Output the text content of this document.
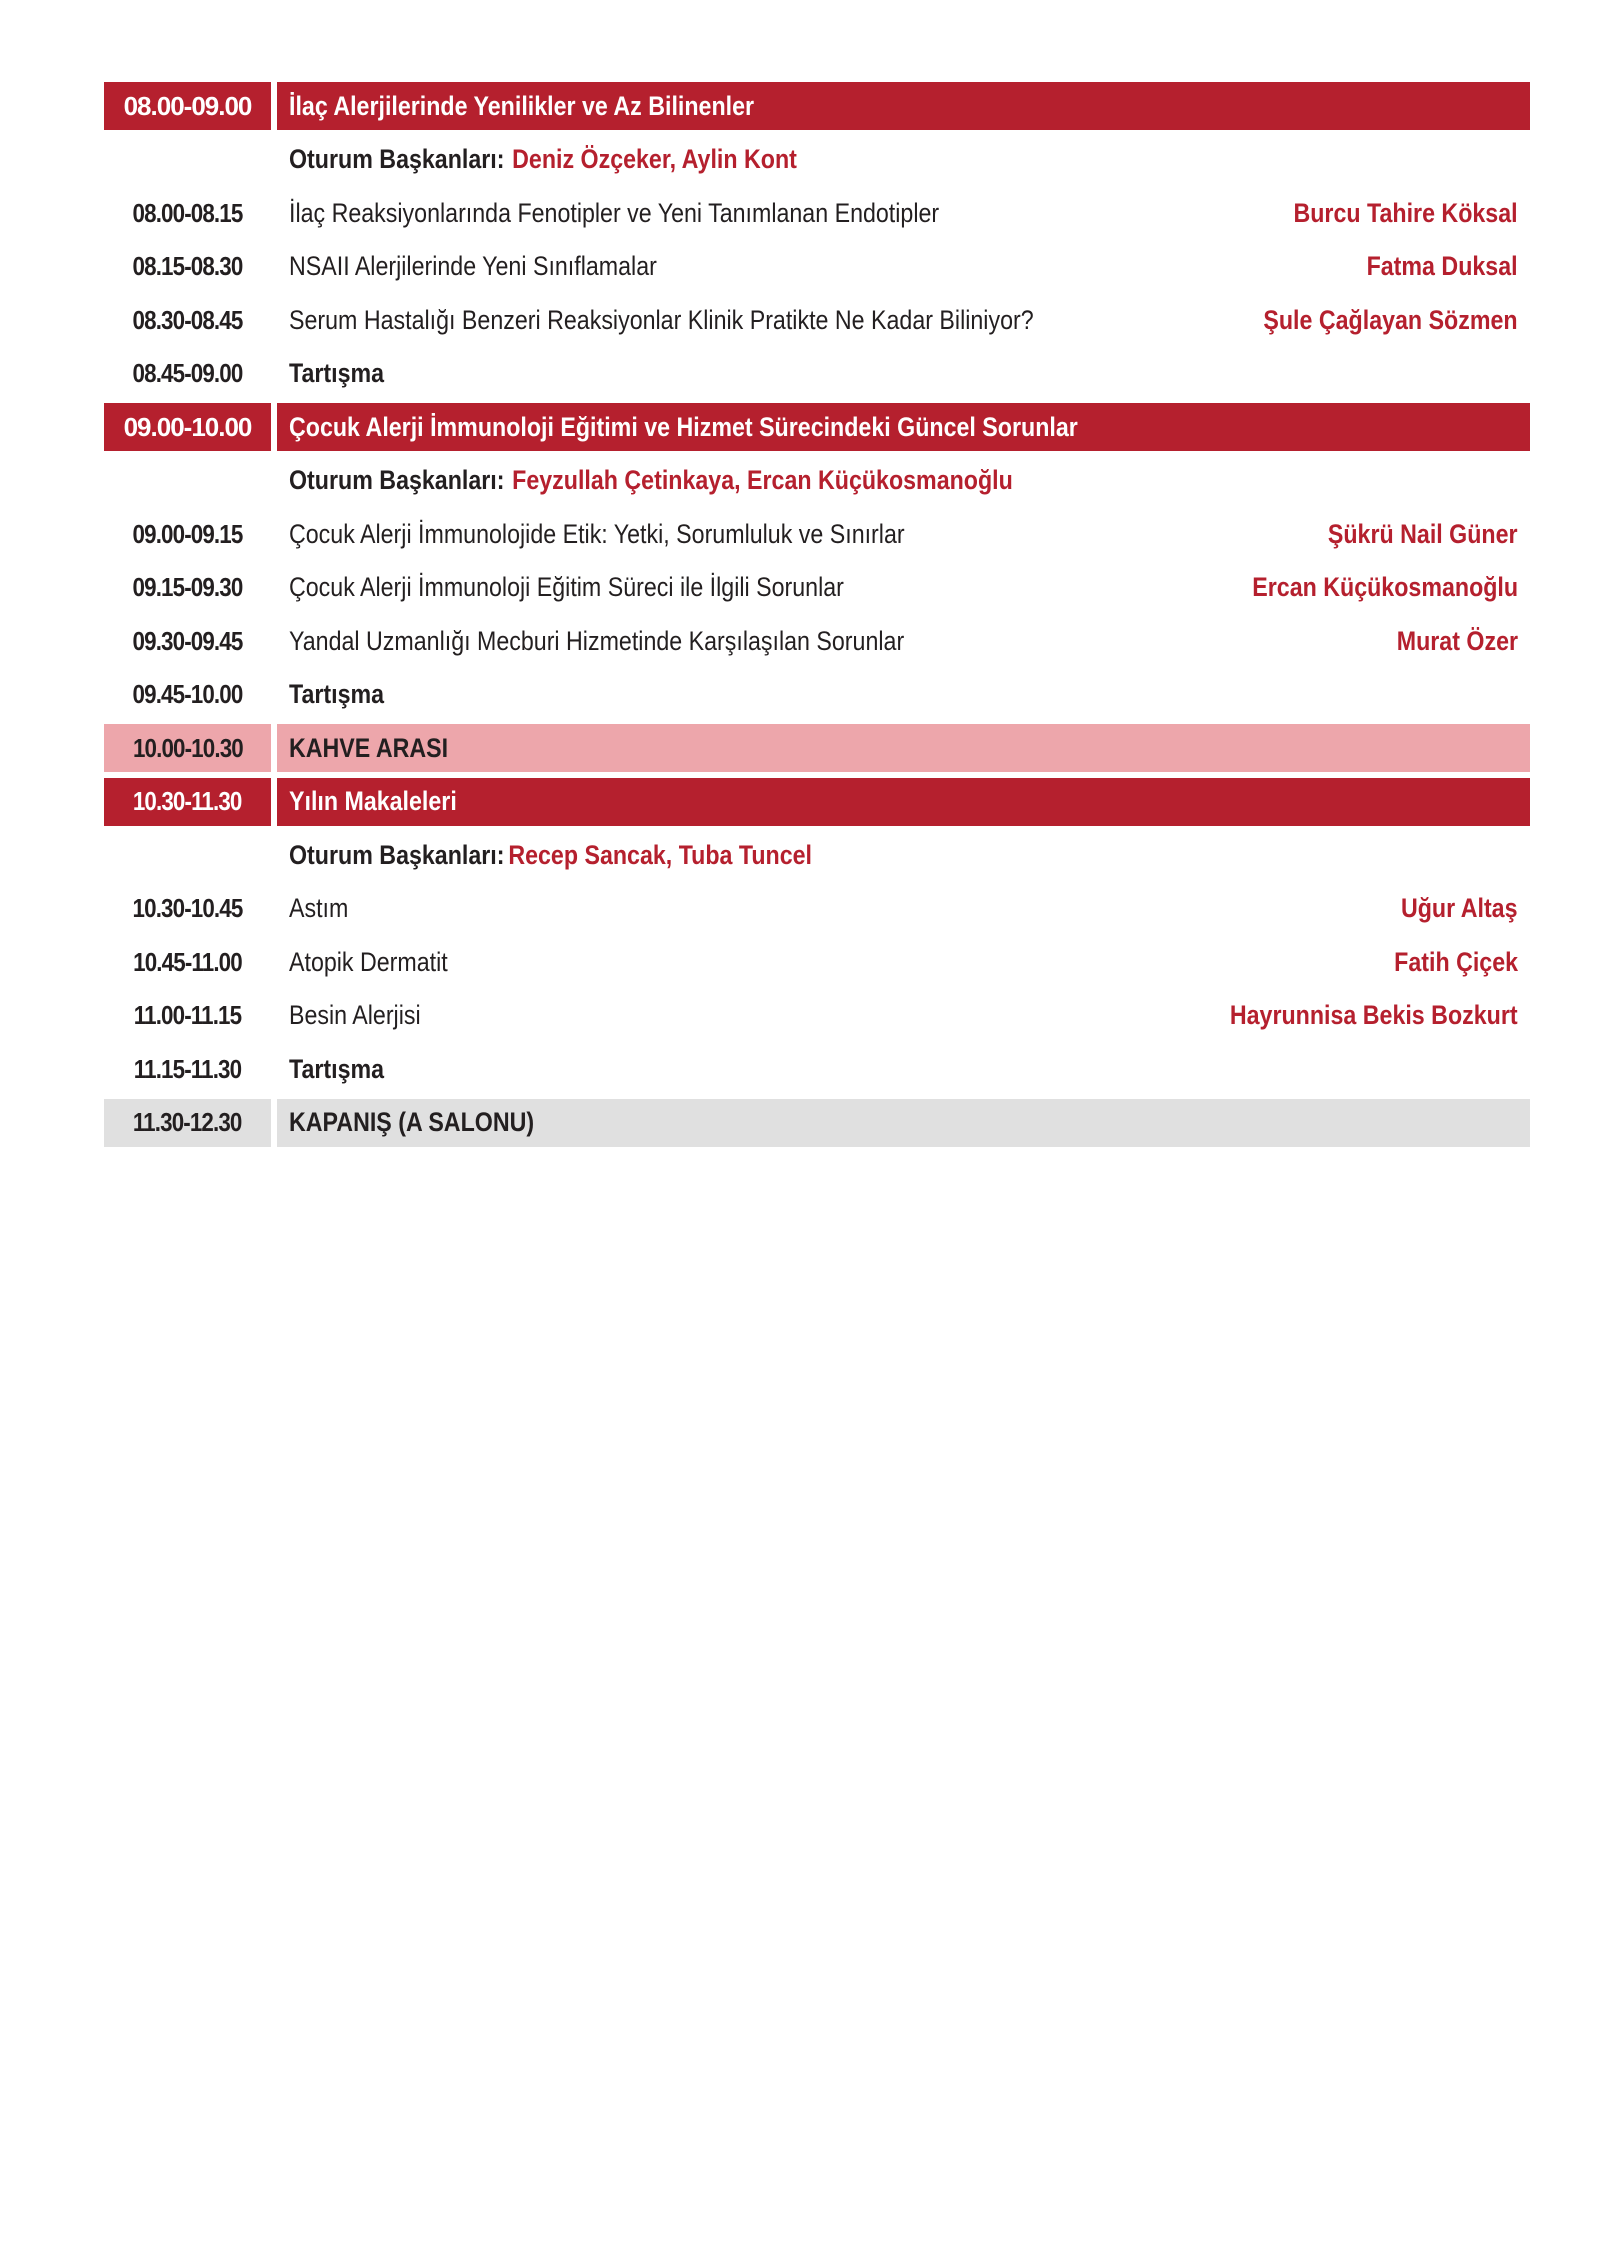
08.00-09.00 İlaç Alerjilerinde Yenilikler ve Az Bilinenler
Oturum Başkanları: Deniz Özçeker, Aylin Kont
08.00-08.15	İlaç Reaksiyonlarında Fenotipler ve Yeni Tanımlanan Endotipler	Burcu Tahire Köksal
08.15-08.30	NSAII Alerjilerinde Yeni Sınıflamalar	Fatma Duksal
08.30-08.45	Serum Hastalığı Benzeri Reaksiyonlar Klinik Pratikte Ne Kadar Biliniyor?	Şule Çağlayan Sözmen
08.45-09.00	Tartışma
09.00-10.00 Çocuk Alerji İmmunoloji Eğitimi ve Hizmet Sürecindeki Güncel Sorunlar
Oturum Başkanları: Feyzullah Çetinkaya, Ercan Küçükosmanoğlu
09.00-09.15	Çocuk Alerji İmmunolojide Etik: Yetki, Sorumluluk ve Sınırlar	Şükrü Nail Güner
09.15-09.30	Çocuk Alerji İmmunoloji Eğitim Süreci ile İlgili Sorunlar	Ercan Küçükosmanoğlu
09.30-09.45	Yandal Uzmanlığı Mecburi Hizmetinde Karşılaşılan Sorunlar	Murat Özer
09.45-10.00	Tartışma
10.00-10.30 KAHVE ARASI
10.30-11.30 Yılın Makaleleri
Oturum Başkanları: Recep Sancak, Tuba Tuncel
10.30-10.45	Astım	Uğur Altaş
10.45-11.00	Atopik Dermatit	Fatih Çiçek
11.00-11.15	Besin Alerjisi	Hayrunnisa Bekis Bozkurt
11.15-11.30	Tartışma
11.30-12.30 KAPANIŞ (A SALONU)
